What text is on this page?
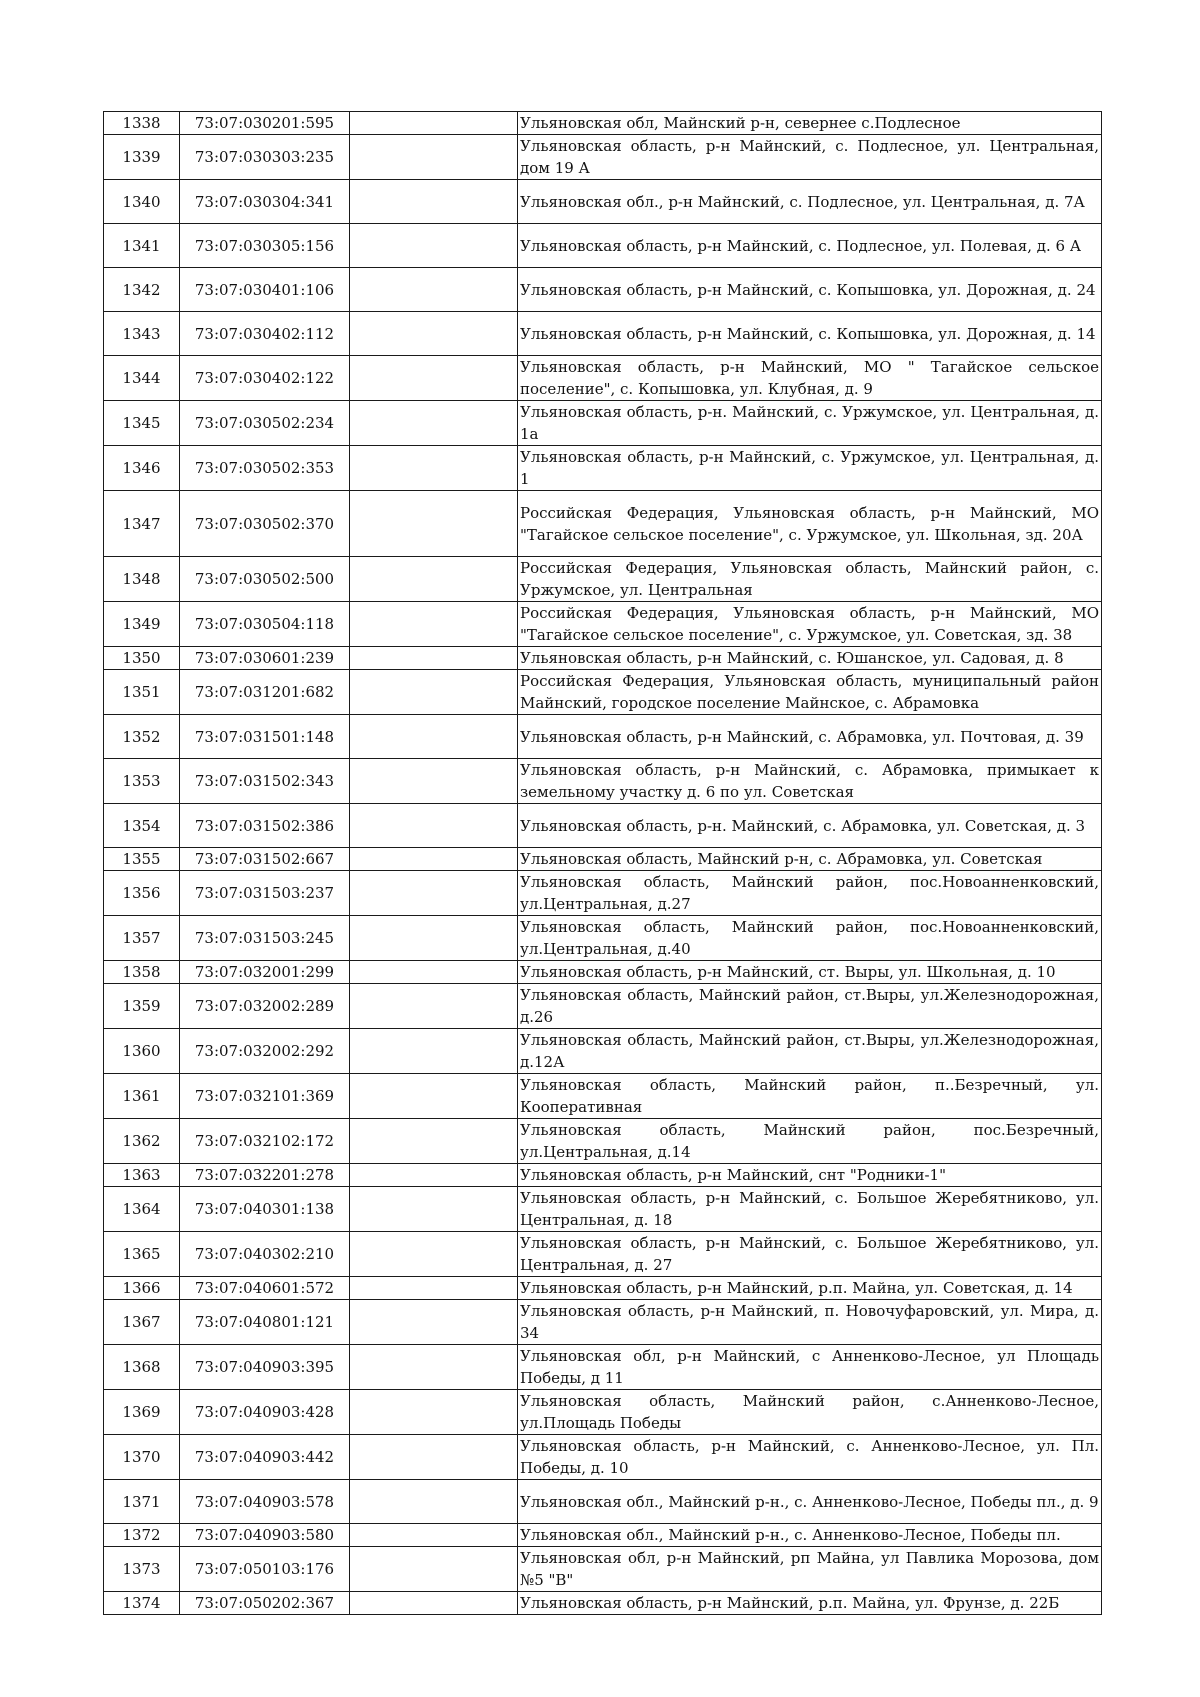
1338	73:07:030201:595		Ульяновская обл, Майнский р-н, севернее с.Подлесное
1339	73:07:030303:235		Ульяновская область, р-н Майнский, с. Подлесное, ул. Центральная, дом 19 А
1340	73:07:030304:341		Ульяновская обл., р-н Майнский, с. Подлесное, ул. Центральная, д. 7А
1341	73:07:030305:156		Ульяновская область, р-н Майнский, с. Подлесное, ул. Полевая, д. 6 А
1342	73:07:030401:106		Ульяновская область, р-н Майнский, с. Копышовка, ул. Дорожная, д. 24
1343	73:07:030402:112		Ульяновская область, р-н Майнский, с. Копышовка, ул. Дорожная, д. 14
1344	73:07:030402:122		Ульяновская область, р-н Майнский, МО " Тагайское сельское поселение", с. Копышовка, ул. Клубная, д. 9
1345	73:07:030502:234		Ульяновская область, р-н. Майнский, с. Уржумское, ул. Центральная, д. 1а
1346	73:07:030502:353		Ульяновская область, р-н Майнский, с. Уржумское, ул. Центральная, д. 1
1347	73:07:030502:370		Российская Федерация, Ульяновская область, р-н Майнский, МО "Тагайское сельское поселение", с. Уржумское, ул. Школьная, зд. 20А
1348	73:07:030502:500		Российская Федерация, Ульяновская область, Майнский район, с. Уржумское, ул. Центральная
1349	73:07:030504:118		Российская Федерация, Ульяновская область, р-н Майнский, МО "Тагайское сельское поселение", с. Уржумское, ул. Советская, зд. 38
1350	73:07:030601:239		Ульяновская область, р-н Майнский, с. Юшанское, ул. Садовая, д. 8
1351	73:07:031201:682		Российская Федерация, Ульяновская область, муниципальный район Майнский, городское поселение Майнское, с. Абрамовка
1352	73:07:031501:148		Ульяновская область, р-н Майнский, с. Абрамовка, ул. Почтовая, д. 39
1353	73:07:031502:343		Ульяновская область, р-н Майнский, с. Абрамовка, примыкает к земельному участку д. 6 по ул. Советская
1354	73:07:031502:386		Ульяновская область, р-н. Майнский, с. Абрамовка, ул. Советская, д. 3
1355	73:07:031502:667		Ульяновская область, Майнский р-н, с. Абрамовка, ул. Советская
1356	73:07:031503:237		Ульяновская область, Майнский район, пос.Новоанненковский, ул.Центральная, д.27
1357	73:07:031503:245		Ульяновская область, Майнский район, пос.Новоанненковский, ул.Центральная, д.40
1358	73:07:032001:299		Ульяновская область, р-н Майнский, ст. Выры, ул. Школьная, д. 10
1359	73:07:032002:289		Ульяновская область, Майнский район, ст.Выры, ул.Железнодорожная, д.26
1360	73:07:032002:292		Ульяновская область, Майнский район, ст.Выры, ул.Железнодорожная, д.12А
1361	73:07:032101:369		Ульяновская область, Майнский район, п..Безречный, ул. Кооперативная
1362	73:07:032102:172		Ульяновская область, Майнский район, пос.Безречный, ул.Центральная, д.14
1363	73:07:032201:278		Ульяновская область, р-н Майнский, снт "Родники-1"
1364	73:07:040301:138		Ульяновская область, р-н Майнский, с. Большое Жеребятниково, ул. Центральная, д. 18
1365	73:07:040302:210		Ульяновская область, р-н Майнский, с. Большое Жеребятниково, ул. Центральная, д. 27
1366	73:07:040601:572		Ульяновская область, р-н Майнский, р.п. Майна, ул. Советская, д. 14
1367	73:07:040801:121		Ульяновская область, р-н Майнский, п. Новочуфаровский, ул. Мира, д. 34
1368	73:07:040903:395		Ульяновская обл, р-н Майнский, с Анненково-Лесное, ул Площадь Победы, д 11
1369	73:07:040903:428		Ульяновская область, Майнский район, с.Анненково-Лесное, ул.Площадь Победы
1370	73:07:040903:442		Ульяновская область, р-н Майнский, с. Анненково-Лесное, ул. Пл. Победы, д. 10
1371	73:07:040903:578		Ульяновская обл., Майнский р-н., с. Анненково-Лесное, Победы пл., д. 9
1372	73:07:040903:580		Ульяновская обл., Майнский р-н., с. Анненково-Лесное, Победы пл.
1373	73:07:050103:176		Ульяновская обл, р-н Майнский, рп Майна, ул Павлика Морозова, дом №5 "В"
1374	73:07:050202:367		Ульяновская область, р-н Майнский, р.п. Майна, ул. Фрунзе, д. 22Б
